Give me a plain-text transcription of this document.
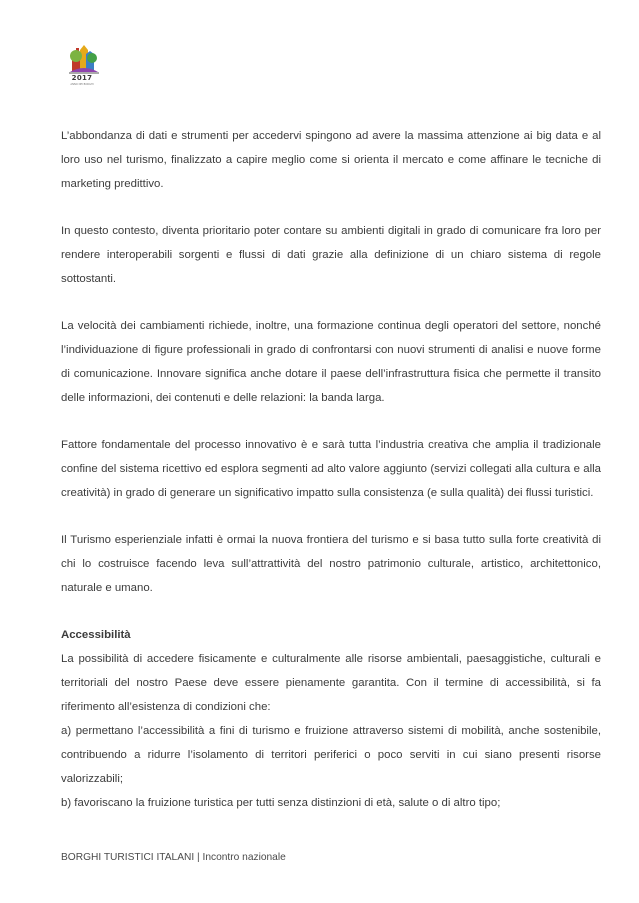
2017
ANNO DEI BORGHI

L’abbondanza di dati e strumenti per accedervi spingono ad avere la massima attenzione ai big data e al loro uso nel turismo, finalizzato a capire meglio come si orienta il mercato e come affinare le tecniche di marketing predittivo.

In questo contesto, diventa prioritario poter contare su ambienti digitali in grado di comunicare fra loro per rendere interoperabili sorgenti e flussi di dati grazie alla definizione di un chiaro sistema di regole sottostanti.

La velocità dei cambiamenti richiede, inoltre, una formazione continua degli operatori del settore, nonché l’individuazione di figure professionali in grado di confrontarsi con nuovi strumenti di analisi e nuove forme di comunicazione. Innovare significa anche dotare il paese dell’infrastruttura fisica che permette il transito delle informazioni, dei contenuti e delle relazioni: la banda larga.

Fattore fondamentale del processo innovativo è e sarà tutta l’industria creativa che amplia il tradizionale confine del sistema ricettivo ed esplora segmenti ad alto valore aggiunto (servizi collegati alla cultura e alla creatività) in grado di generare un significativo impatto sulla consistenza (e sulla qualità) dei flussi turistici.

Il Turismo esperienziale infatti è ormai la nuova frontiera del turismo e si basa tutto sulla forte creatività di chi lo costruisce facendo leva sull’attrattività del nostro patrimonio culturale, artistico, architettonico, naturale e umano.

Accessibilità

La possibilità di accedere fisicamente e culturalmente alle risorse ambientali, paesaggistiche, culturali e territoriali del nostro Paese deve essere pienamente garantita. Con il termine di accessibilità, si fa riferimento all’esistenza di condizioni che:

a) permettano l’accessibilità a fini di turismo e fruizione attraverso sistemi di mobilità, anche sostenibile, contribuendo a ridurre l’isolamento di territori periferici o poco serviti in cui siano presenti risorse valorizzabili;

b) favoriscano la fruizione turistica per tutti senza distinzioni di età, salute o di altro tipo;

BORGHI TURISTICI ITALANI | Incontro nazionale
